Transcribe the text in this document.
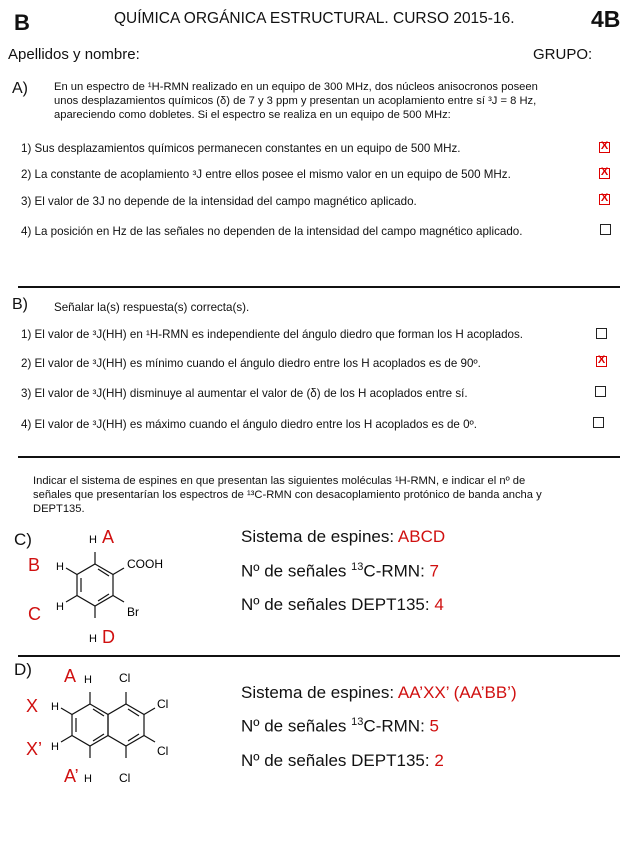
B	QUÍMICA ORGÁNICA ESTRUCTURAL. CURSO 2015-16.	4B
Apellidos y nombre:	GRUPO:
A) En un espectro de ¹H-RMN realizado en un equipo de 300 MHz, dos núcleos anisocronos poseen
unos desplazamientos químicos (δ) de 7 y 3 ppm y presentan un acoplamiento entre sí ³J = 8 Hz,
apareciendo como dobletes. Si el espectro se realiza en un equipo de 500 MHz:
1) Sus desplazamientos químicos permanecen constantes en un equipo de 500 MHz.	X
2) La constante de acoplamiento ³J entre ellos posee el mismo valor en un equipo de 500 MHz.	X
3) El valor de 3J no depende de la intensidad del campo magnético aplicado.	X
4) La posición en Hz de las señales no dependen de la intensidad del campo magnético aplicado.
B) Señalar la(s) respuesta(s) correcta(s).
1) El valor de ³J(HH) en ¹H-RMN es independiente del ángulo diedro que forman los H acoplados.
2) El valor de ³J(HH) es mínimo cuando el ángulo diedro entre los H acoplados es de 90º.	X
3) El valor de ³J(HH) disminuye al aumentar el valor de (δ) de los H acoplados entre sí.
4) El valor de ³J(HH) es máximo cuando el ángulo diedro entre los H acoplados es de 0º.
Indicar el sistema de espines en que presentan las siguientes moléculas ¹H-RMN, e indicar el nº de
señales que presentarían los espectros de ¹³C-RMN con desacoplamiento protónico de banda ancha y
DEPT135.
C)	H
H
H
H
COOH
Br
A
B
C
D
Sistema de espines: ABCD
Nº de señales $^{13}$C-RMN: 7
Nº de señales DEPT135: 4
D)
H
H
H
H
Cl
Cl
Cl
Cl
A
X
X’
A’
Sistema de espines: AA’XX’ (AA’BB’)
Nº de señales $^{13}$C-RMN: 5
Nº de señales DEPT135: 2
